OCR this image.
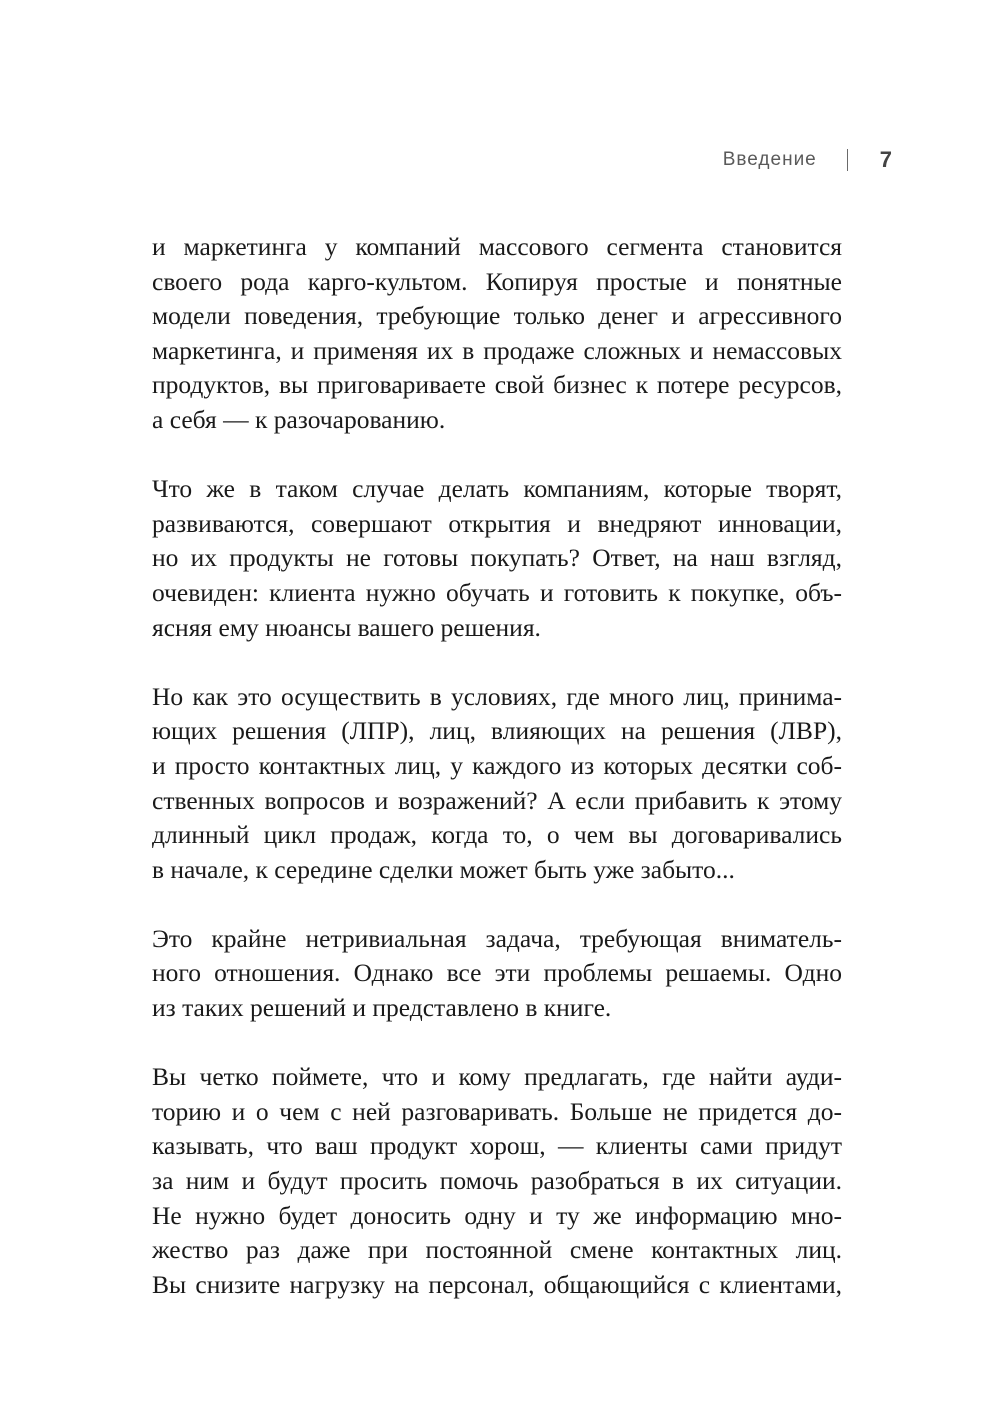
Введение	7
и маркетинга у компаний массового сегмента становится
своего рода карго-культом. Копируя простые и понятные
модели поведения, требующие только денег и агрессивного
маркетинга, и применяя их в продаже сложных и немассовых
продуктов, вы приговариваете свой бизнес к потере ресурсов,
а себя — к разочарованию.
Что же в таком случае делать компаниям, которые творят,
развиваются, совершают открытия и внедряют инновации,
но их продукты не готовы покупать? Ответ, на наш взгляд,
очевиден: клиента нужно обучать и готовить к покупке, объ-
ясняя ему нюансы вашего решения.
Но как это осуществить в условиях, где много лиц, принима-
ющих решения (ЛПР), лиц, влияющих на решения (ЛВР),
и просто контактных лиц, у каждого из которых десятки соб-
ственных вопросов и возражений? А если прибавить к этому
длинный цикл продаж, когда то, о чем вы договаривались
в начале, к середине сделки может быть уже забыто...
Это крайне нетривиальная задача, требующая вниматель-
ного отношения. Однако все эти проблемы решаемы. Одно
из таких решений и представлено в книге.
Вы четко поймете, что и кому предлагать, где найти ауди-
торию и о чем с ней разговаривать. Больше не придется до-
казывать, что ваш продукт хорош, — клиенты сами придут
за ним и будут просить помочь разобраться в их ситуации.
Не нужно будет доносить одну и ту же информацию мно-
жество раз даже при постоянной смене контактных лиц.
Вы снизите нагрузку на персонал, общающийся с клиентами,
